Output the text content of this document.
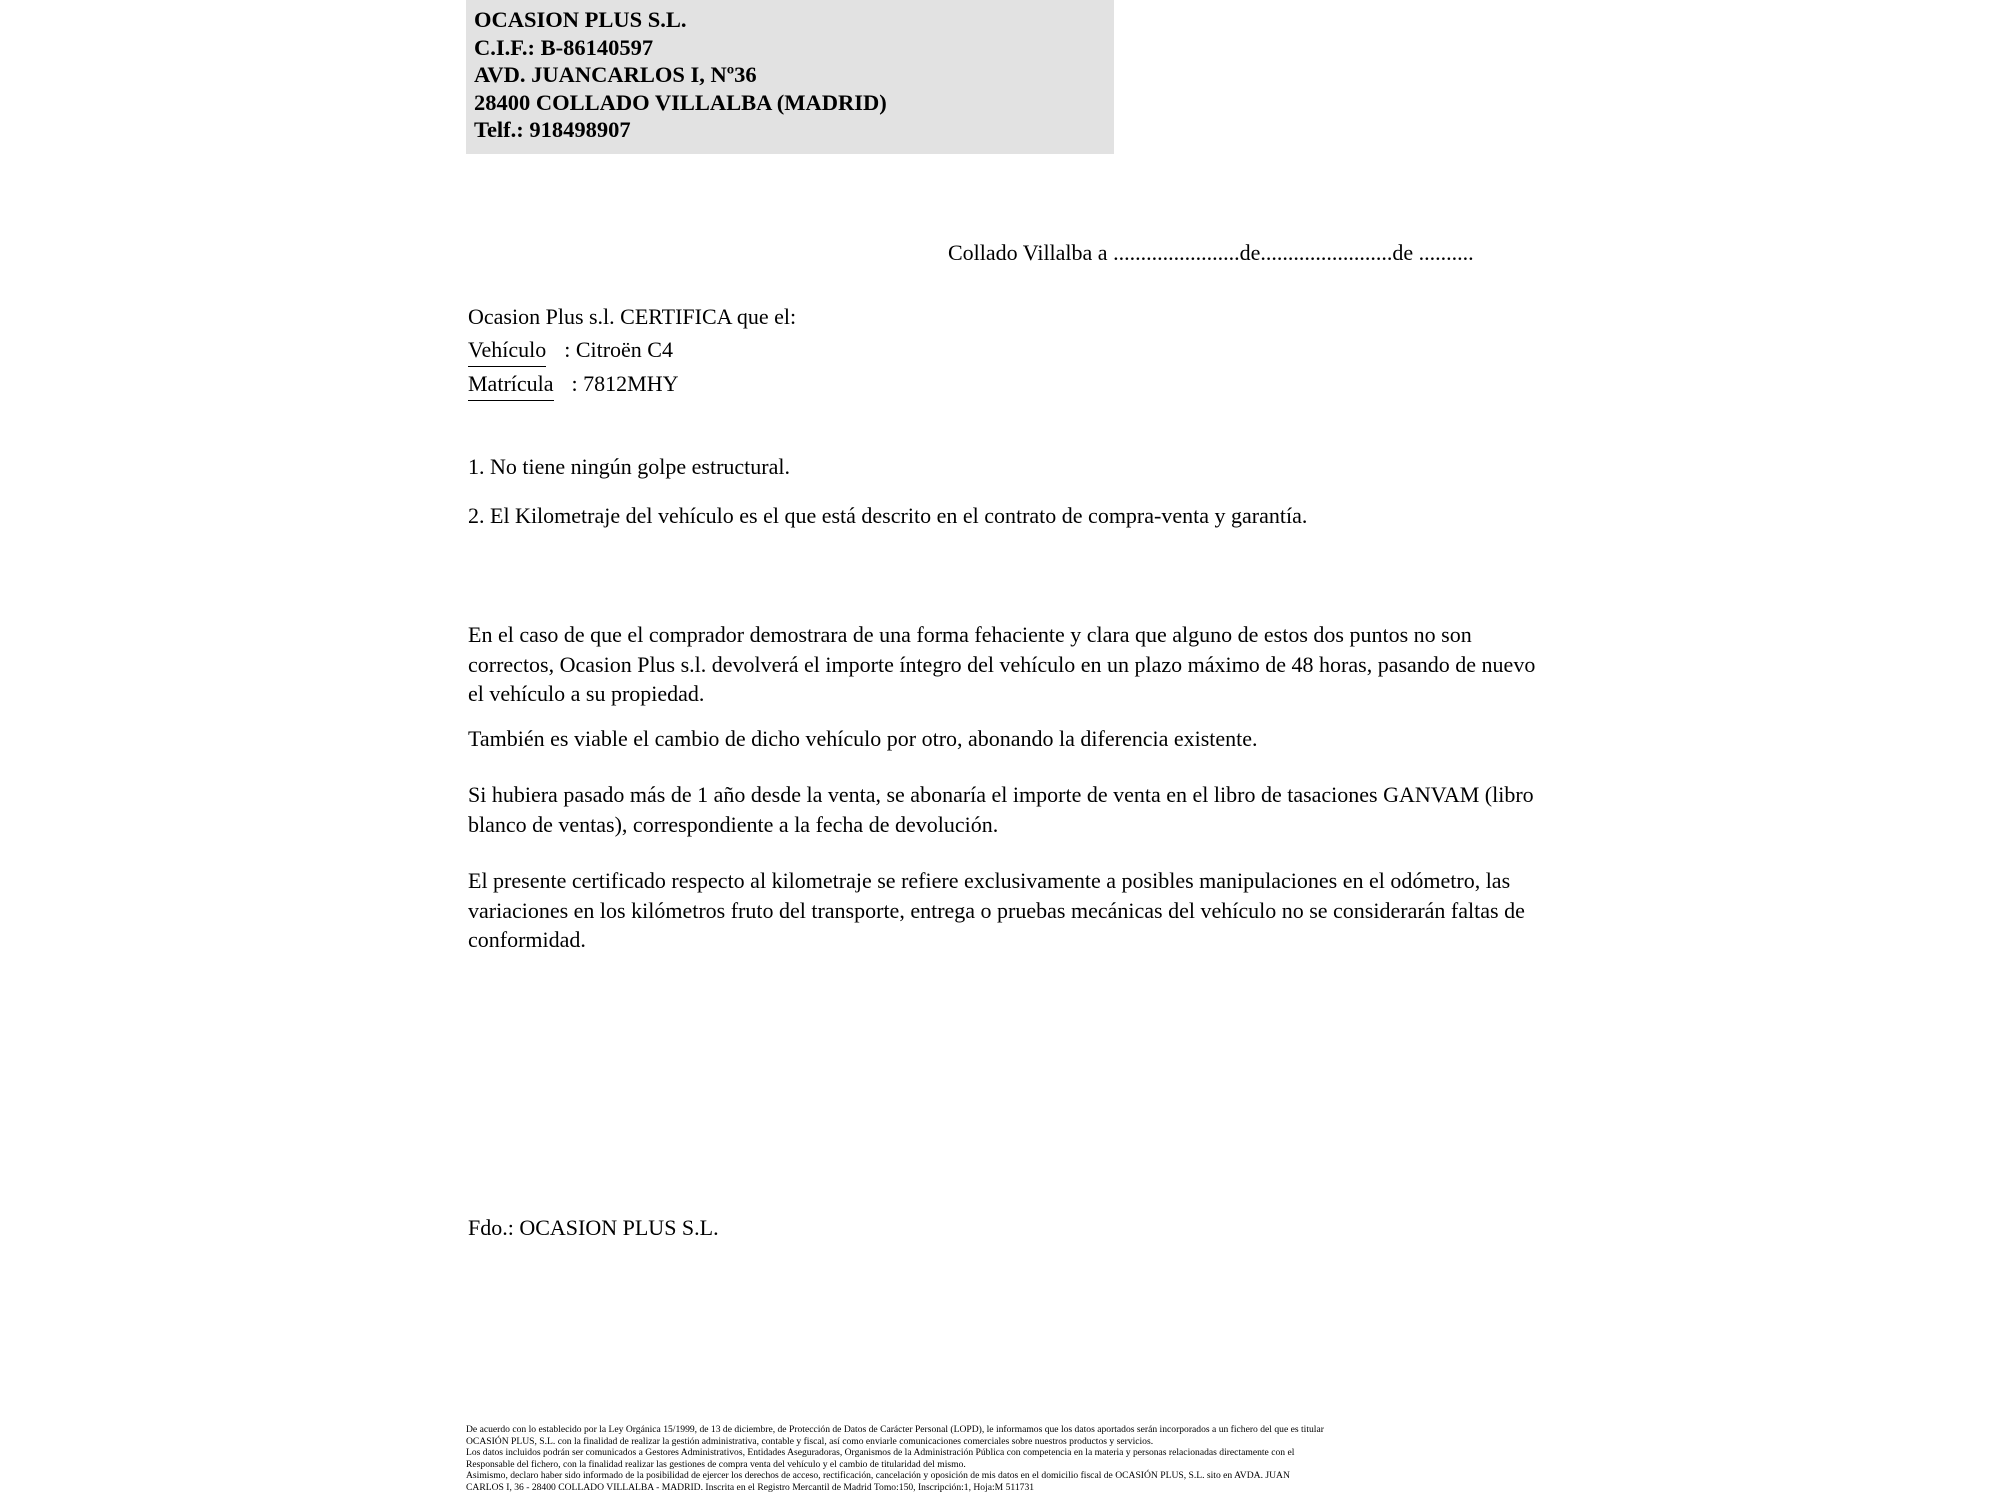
OCASION PLUS S.L.
C.I.F.: B-86140597
AVD. JUANCARLOS I, Nº36
28400 COLLADO VILLALBA (MADRID)
Telf.: 918498907
Collado Villalba a .......................de........................de ..........
Ocasion Plus s.l. CERTIFICA que el:
Vehículo : Citroën C4
Matrícula : 7812MHY
1. No tiene ningún golpe estructural.
2. El Kilometraje del vehículo es el que está descrito en el contrato de compra-venta y garantía.
En el caso de que el comprador demostrara de una forma fehaciente y clara que alguno de estos dos puntos no son correctos, Ocasion Plus s.l. devolverá el importe íntegro del vehículo en un plazo máximo de 48 horas, pasando de nuevo el vehículo a su propiedad.
También es viable el cambio de dicho vehículo por otro, abonando la diferencia existente.
Si hubiera pasado más de 1 año desde la venta, se abonaría el importe de venta en el libro de tasaciones GANVAM (libro blanco de ventas), correspondiente a la fecha de devolución.
El presente certificado respecto al kilometraje se refiere exclusivamente a posibles manipulaciones en el odómetro, las variaciones en los kilómetros fruto del transporte, entrega o pruebas mecánicas del vehículo no se considerarán faltas de conformidad.
Fdo.: OCASION PLUS S.L.

De acuerdo con lo establecido por la Ley Orgánica 15/1999, de 13 de diciembre, de Protección de Datos de Carácter Personal (LOPD), le informamos que los datos aportados serán incorporados a un fichero del que es titular

OCASIÓN PLUS, S.L. con la finalidad de realizar la gestión administrativa, contable y fiscal, así como enviarle comunicaciones comerciales sobre nuestros productos y servicios.

Los datos incluidos podrán ser comunicados a Gestores Administrativos, Entidades Aseguradoras, Organismos de la Administración Pública con competencia en la materia y personas relacionadas directamente con el

Responsable del fichero, con la finalidad realizar las gestiones de compra venta del vehículo y el cambio de titularidad del mismo.

Asimismo, declaro haber sido informado de la posibilidad de ejercer los derechos de acceso, rectificación, cancelación y oposición de mis datos en el domicilio fiscal de OCASIÓN PLUS, S.L. sito en AVDA. JUAN

CARLOS I, 36 - 28400 COLLADO VILLALBA - MADRID. Inscrita en el Registro Mercantil de Madrid Tomo:150, Inscripción:1, Hoja:M 511731
